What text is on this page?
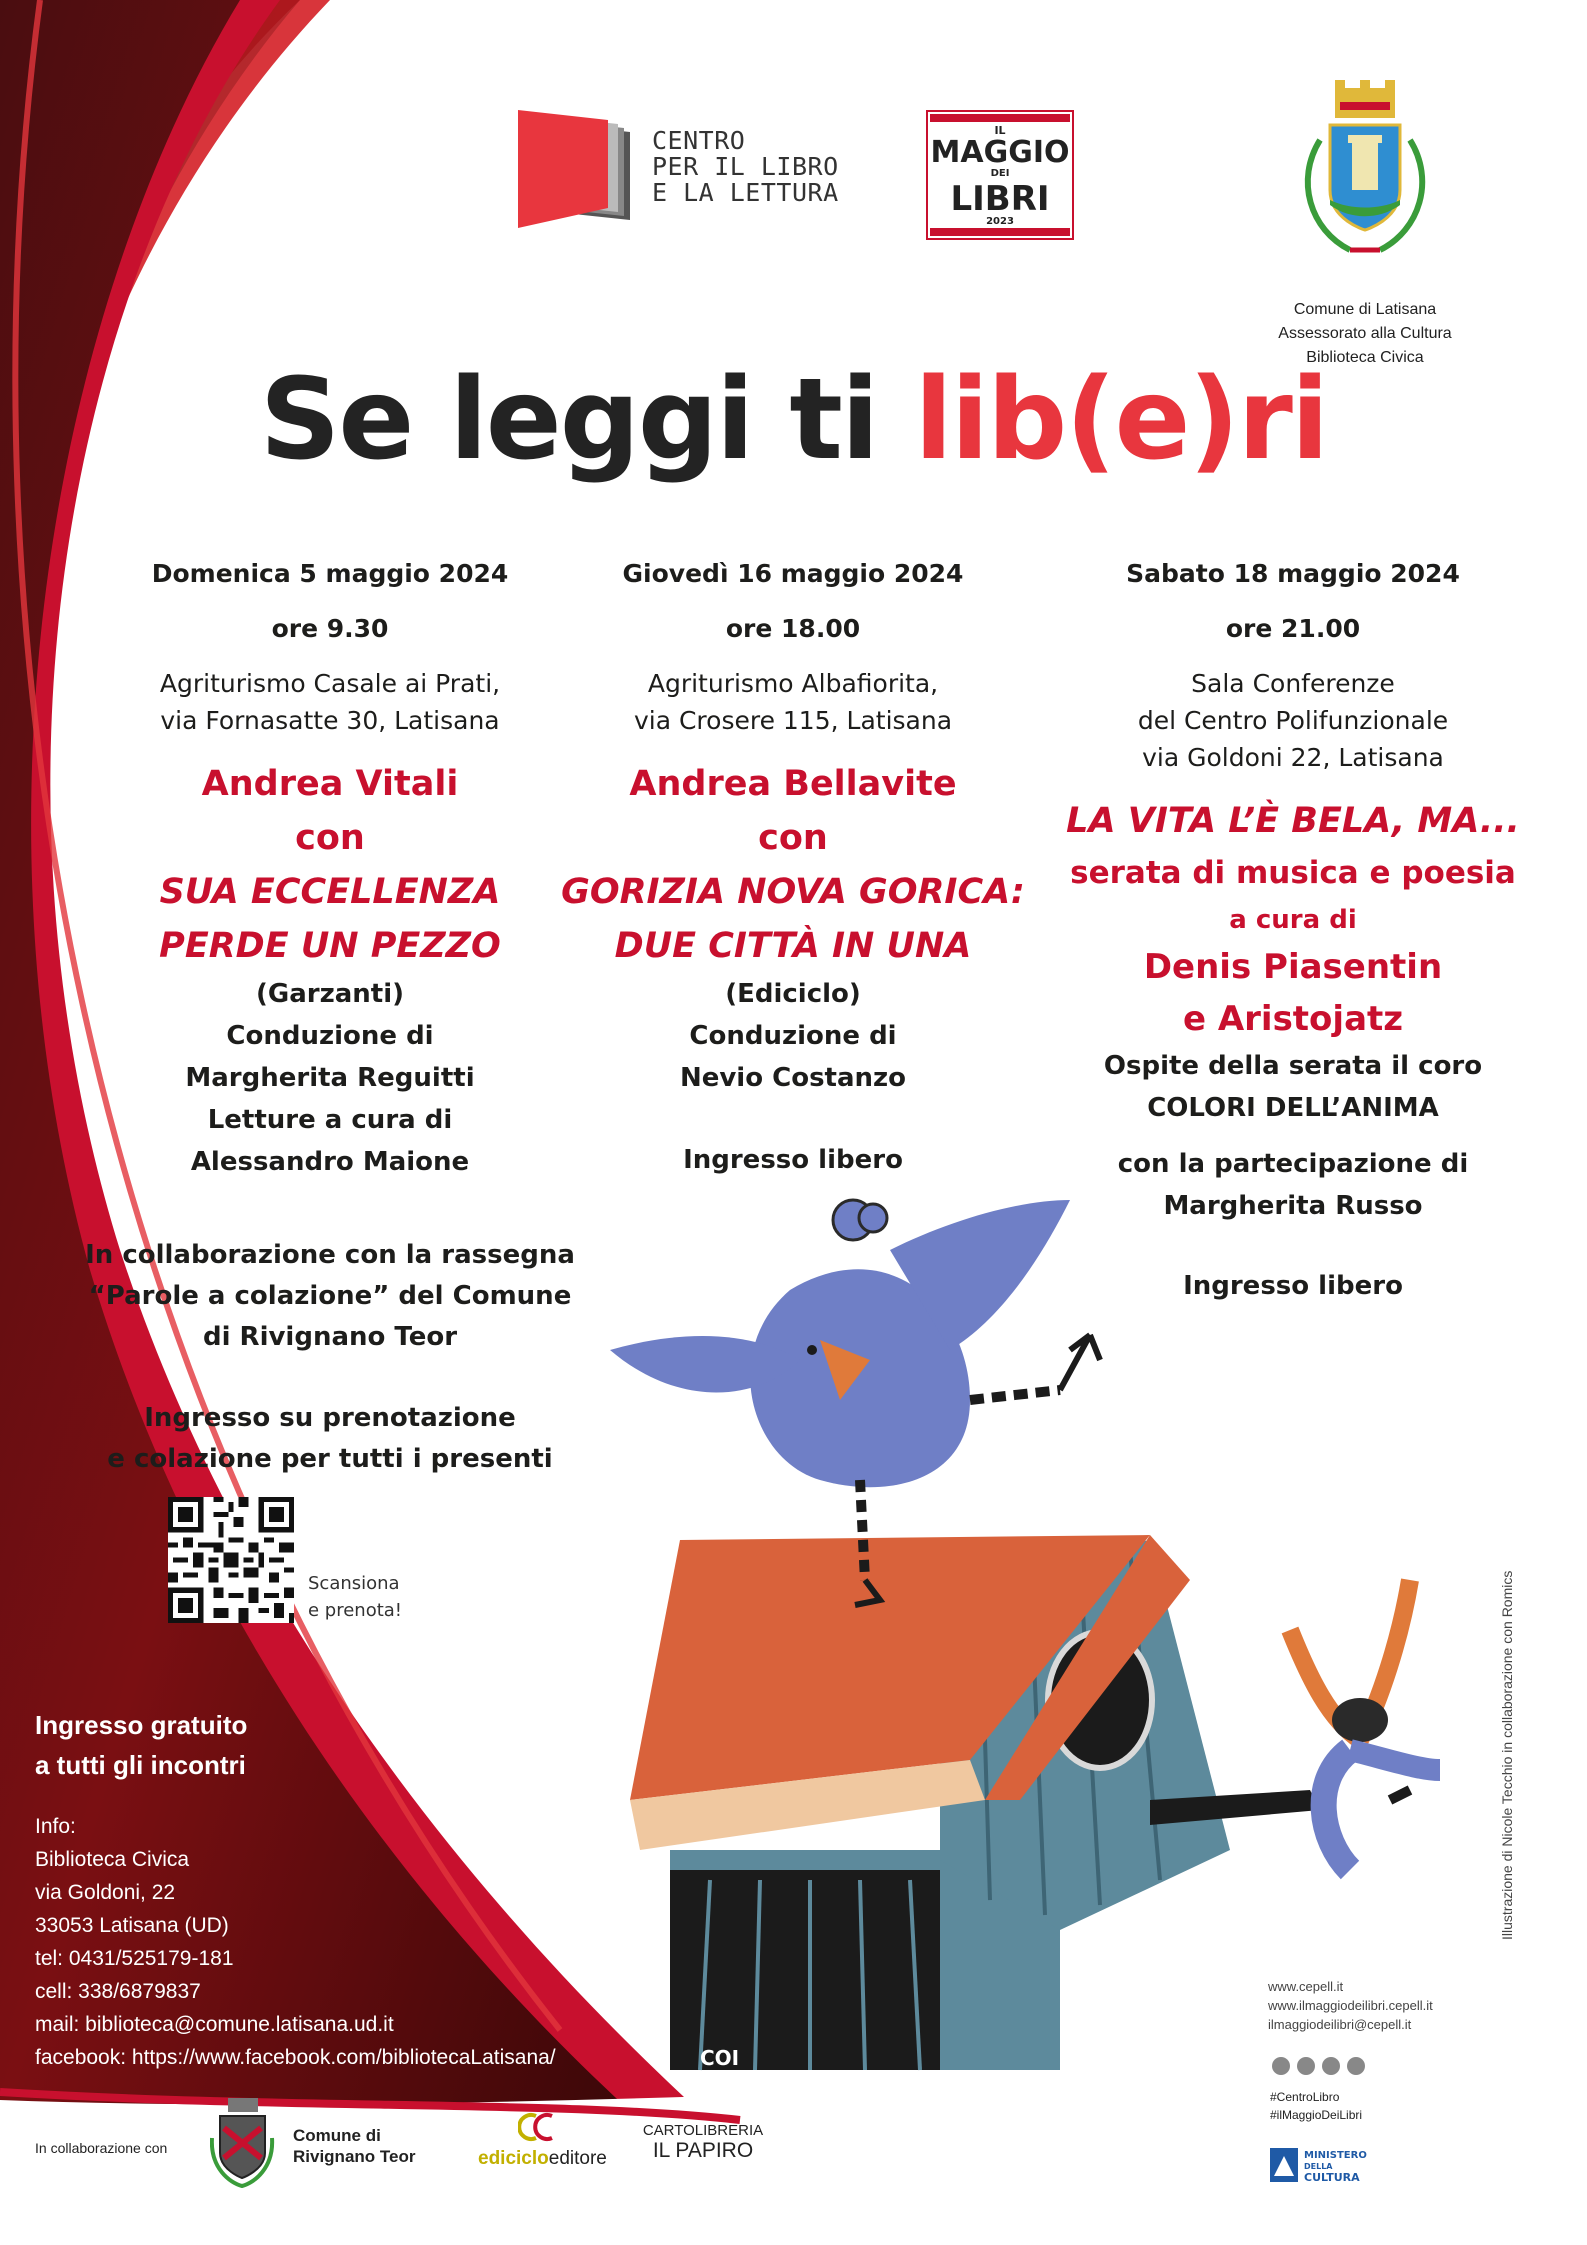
CENTRO
PER IL LIBRO
E LA LETTURA
IL
MAGGIO
DEI
LIBRI
2023
Comune di Latisana
Assessorato alla Cultura
Biblioteca Civica
Se leggi ti lib(e)ri

Domenica 5 maggio 2024

ore 9.30

Agriturismo Casale ai Prati,

via Fornasatte 30, Latisana

Andrea Vitali

con

SUA ECCELLENZA

PERDE UN PEZZO

(Garzanti)

Conduzione di

Margherita Reguitti

Letture a cura di

Alessandro Maione

Giovedì 16 maggio 2024

ore 18.00

Agriturismo Albafiorita,

via Crosere 115, Latisana

Andrea Bellavite

con

GORIZIA NOVA GORICA:

DUE CITTÀ IN UNA

(Ediciclo)

Conduzione di

Nevio Costanzo

Ingresso libero

Sabato 18 maggio 2024

ore 21.00

Sala Conferenze

del Centro Polifunzionale

via Goldoni 22, Latisana

LA VITA L’È BELA, MA...

serata di musica e poesia

a cura di

Denis Piasentin

e Aristojatz

Ospite della serata il coro

COLORI DELL’ANIMA

con la partecipazione di

Margherita Russo

Ingresso libero

In collaborazione con la rassegna
“Parole a colazione” del Comune
di Rivignano Teor
Ingresso su prenotazione
e colazione per tutti i presenti
Scansiona
e prenota!
Ingresso gratuito
a tutti gli incontri
Info:
Biblioteca Civica
via Goldoni, 22
33053 Latisana (UD)
tel: 0431/525179-181
cell: 338/6879837
mail: biblioteca@comune.latisana.ud.it
facebook: https://www.facebook.com/bibliotecaLatisana/	COI
Illustrazione di Nicole Tecchio in collaborazione con Romics
www.cepell.it
www.ilmaggiodeilibri.cepell.it
ilmaggiodeilibri@cepell.it
#CentroLibro
#ilMaggioDeiLibri
MINISTERO
DELLA
CULTURA
In collaborazione con
Comune di
Rivignano Teor	edicicloeditore
CARTOLIBRERIA
IL PAPIRO
